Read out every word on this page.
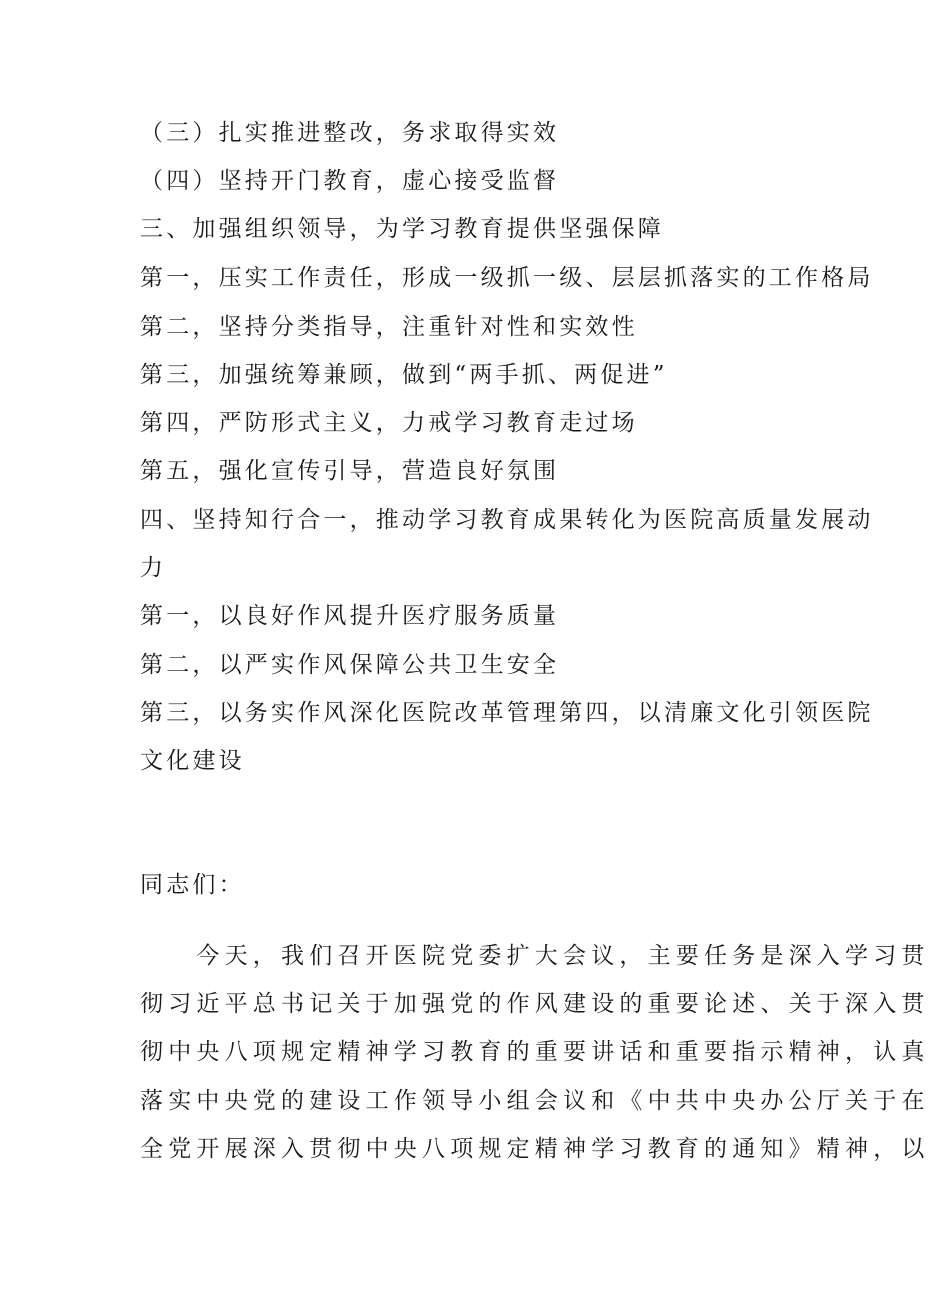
（三）扎实推进整改，务求取得实效
（四）坚持开门教育，虚心接受监督
三、加强组织领导，为学习教育提供坚强保障
第一，压实工作责任，形成一级抓一级、层层抓落实的工作格局
第二，坚持分类指导，注重针对性和实效性
第三，加强统筹兼顾，做到“两手抓、两促进”
第四，严防形式主义，力戒学习教育走过场
第五，强化宣传引导，营造良好氛围
四、坚持知行合一，推动学习教育成果转化为医院高质量发展动
力
第一，以良好作风提升医疗服务质量
第二，以严实作风保障公共卫生安全
第三，以务实作风深化医院改革管理第四，以清廉文化引领医院
文化建设
同志们：
　　今天，我们召开医院党委扩大会议，主要任务是深入学习贯
彻习近平总书记关于加强党的作风建设的重要论述、关于深入贯
彻中央八项规定精神学习教育的重要讲话和重要指示精神，认真
落实中央党的建设工作领导小组会议和《中共中央办公厅关于在
全党开展深入贯彻中央八项规定精神学习教育的通知》精神，以
